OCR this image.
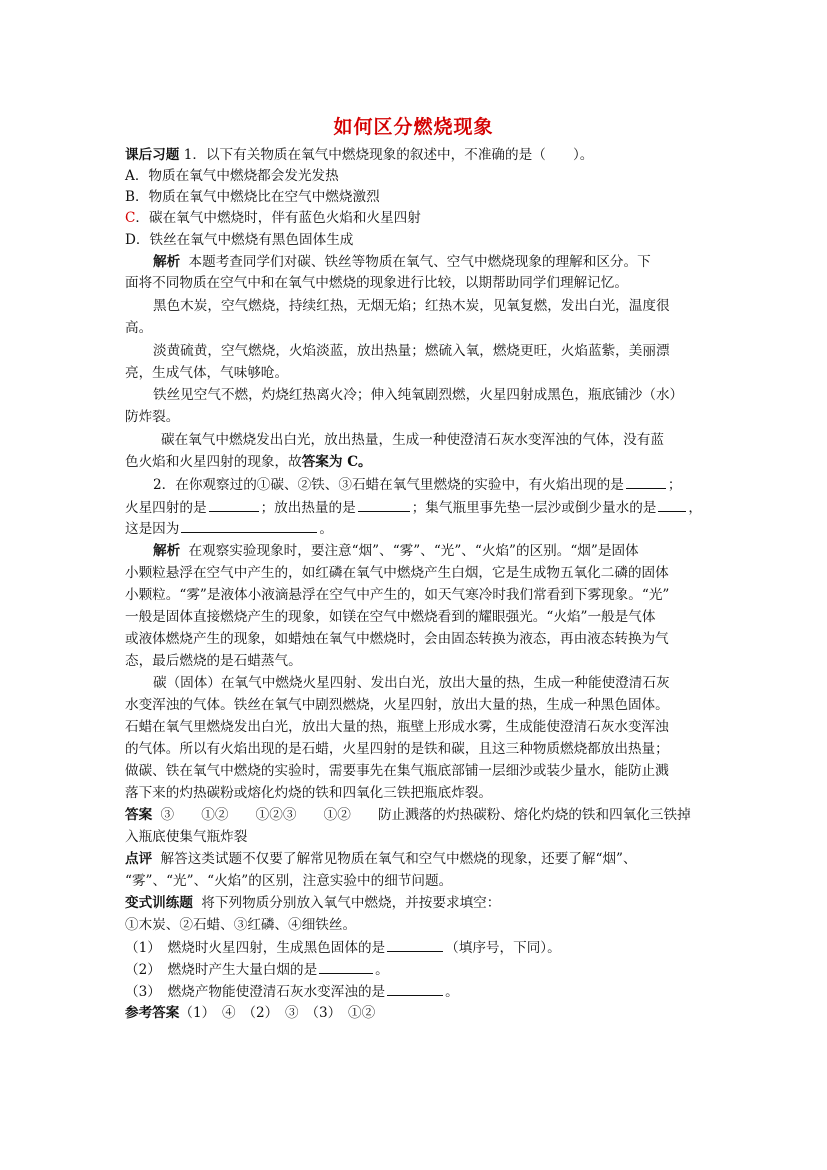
如何区分燃烧现象
课后习题 1．以下有关物质在氧气中燃烧现象的叙述中，不准确的是（　　）。
A．物质在氧气中燃烧都会发光发热
B．物质在氧气中燃烧比在空气中燃烧激烈
C．碳在氧气中燃烧时，伴有蓝色火焰和火星四射
D．铁丝在氧气中燃烧有黑色固体生成
解析 本题考查同学们对碳、铁丝等物质在氧气、空气中燃烧现象的理解和区分。下
面将不同物质在空气中和在氧气中燃烧的现象进行比较，以期帮助同学们理解记忆。
黑色木炭，空气燃烧，持续红热，无烟无焰；红热木炭，见氧复燃，发出白光，温度很
高。
淡黄硫黄，空气燃烧，火焰淡蓝，放出热量；燃硫入氧，燃烧更旺，火焰蓝紫，美丽漂
亮，生成气体，气味够呛。
铁丝见空气不燃，灼烧红热离火冷；伸入纯氧剧烈燃，火星四射成黑色，瓶底铺沙（水）
防炸裂。
碳在氧气中燃烧发出白光，放出热量，生成一种使澄清石灰水变浑浊的气体，没有蓝
色火焰和火星四射的现象，故答案为 C。
2．在你观察过的①碳、②铁、③石蜡在氧气里燃烧的实验中，有火焰出现的是	；
火星四射的是	；放出热量的是	；集气瓶里事先垫一层沙或倒少量水的是 ，
这是因为	。
解析 在观察实验现象时，要注意“烟”、“雾”、“光”、“火焰”的区别。“烟”是固体
小颗粒悬浮在空气中产生的，如红磷在氧气中燃烧产生白烟，它是生成物五氧化二磷的固体
小颗粒。“雾”是液体小液滴悬浮在空气中产生的，如天气寒冷时我们常看到下雾现象。“光”
一般是固体直接燃烧产生的现象，如镁在空气中燃烧看到的耀眼强光。“火焰”一般是气体
或液体燃烧产生的现象，如蜡烛在氧气中燃烧时，会由固态转换为液态，再由液态转换为气
态，最后燃烧的是石蜡蒸气。
碳（固体）在氧气中燃烧火星四射、发出白光，放出大量的热，生成一种能使澄清石灰
水变浑浊的气体。铁丝在氧气中剧烈燃烧，火星四射，放出大量的热，生成一种黑色固体。
石蜡在氧气里燃烧发出白光，放出大量的热，瓶壁上形成水雾，生成能使澄清石灰水变浑浊
的气体。所以有火焰出现的是石蜡，火星四射的是铁和碳，且这三种物质燃烧都放出热量；
做碳、铁在氧气中燃烧的实验时，需要事先在集气瓶底部铺一层细沙或装少量水，能防止溅
落下来的灼热碳粉或熔化灼烧的铁和四氧化三铁把瓶底炸裂。
答案 ③　　①②　　①②③　　①②　　防止溅落的灼热碳粉、熔化灼烧的铁和四氧化三铁掉
入瓶底使集气瓶炸裂
点评 解答这类试题不仅要了解常见物质在氧气和空气中燃烧的现象，还要了解“烟”、
“雾”、“光”、“火焰”的区别，注意实验中的细节问题。
变式训练题 将下列物质分别放入氧气中燃烧，并按要求填空：
①木炭、②石蜡、③红磷、④细铁丝。
（1）　燃烧时火星四射，生成黑色固体的是	（填序号，下同）。
（2）　燃烧时产生大量白烟的是	。
（3）　燃烧产物能使澄清石灰水变浑浊的是	。
参考答案（1）　④　（2）　③　（3）　①②
